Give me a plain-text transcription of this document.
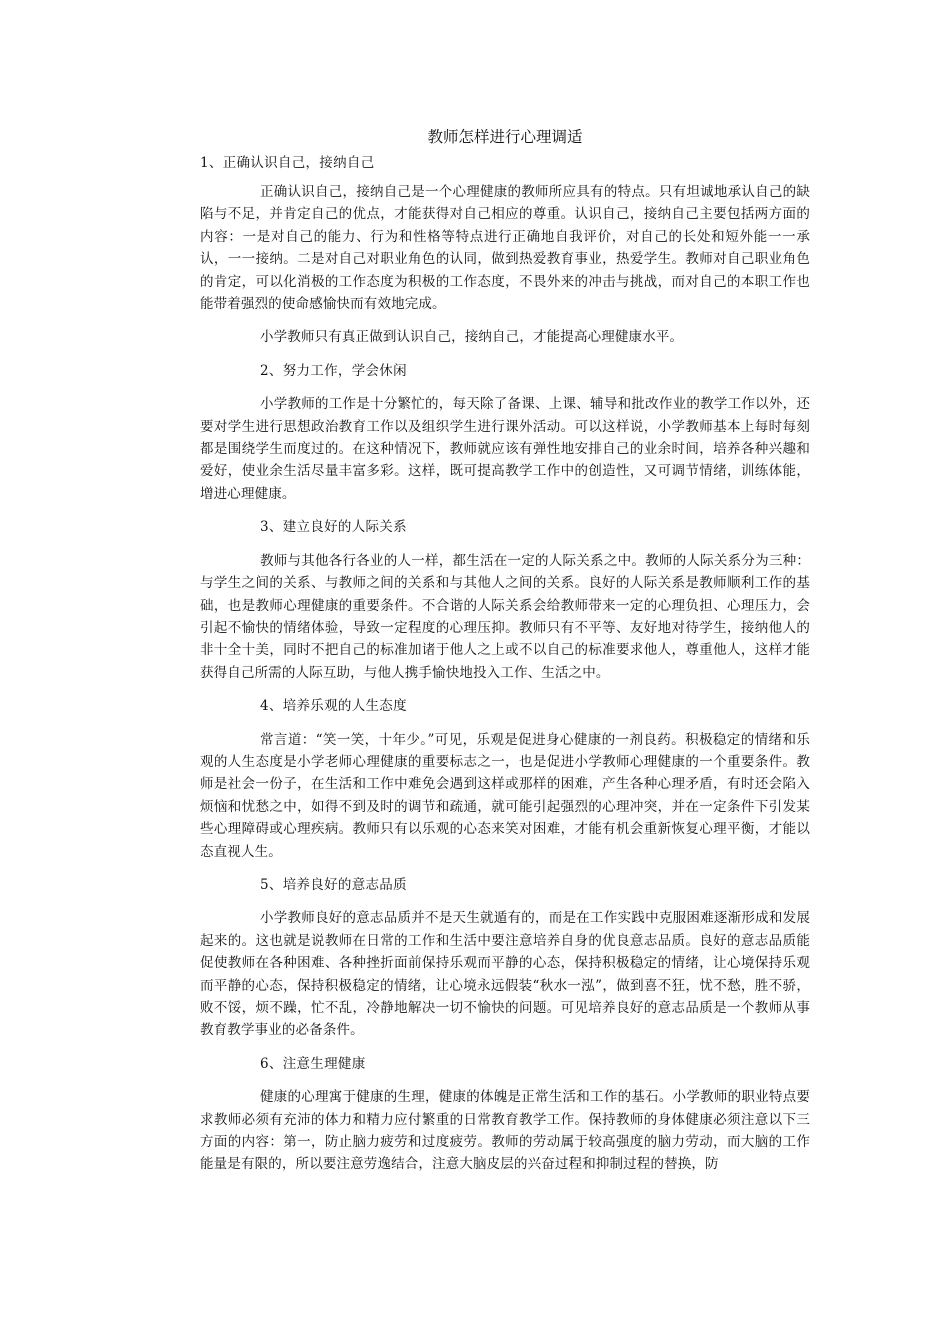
教师怎样进行心理调适
1、正确认识自己，接纳自己

正确认识自己，接纳自己是一个心理健康的教师所应具有的特点。只有坦诚地承认自己的缺陷与不足，并肯定自己的优点，才能获得对自己相应的尊重。认识自己，接纳自己主要包括两方面的内容：一是对自己的能力、行为和性格等特点进行正确地自我评价，对自己的长处和短外能一一承认，一一接纳。二是对自己对职业角色的认同，做到热爱教育事业，热爱学生。教师对自己职业角色的肯定，可以化消极的工作态度为积极的工作态度，不畏外来的冲击与挑战，而对自己的本职工作也能带着强烈的使命感愉快而有效地完成。

小学教师只有真正做到认识自己，接纳自己，才能提高心理健康水平。

2、努力工作，学会休闲

小学教师的工作是十分繁忙的，每天除了备课、上课、辅导和批改作业的教学工作以外，还要对学生进行思想政治教育工作以及组织学生进行课外活动。可以这样说，小学教师基本上每时每刻都是围绕学生而度过的。在这种情况下，教师就应该有弹性地安排自己的业余时间，培养各种兴趣和爱好，使业余生活尽量丰富多彩。这样，既可提高教学工作中的创造性，又可调节情绪，训练体能，增进心理健康。

3、建立良好的人际关系

教师与其他各行各业的人一样，都生活在一定的人际关系之中。教师的人际关系分为三种：与学生之间的关系、与教师之间的关系和与其他人之间的关系。良好的人际关系是教师顺利工作的基础，也是教师心理健康的重要条件。不合谐的人际关系会给教师带来一定的心理负担、心理压力，会引起不愉快的情绪体验，导致一定程度的心理压抑。教师只有不平等、友好地对待学生，接纳他人的非十全十美，同时不把自己的标准加诸于他人之上或不以自己的标准要求他人，尊重他人，这样才能获得自己所需的人际互助，与他人携手愉快地投入工作、生活之中。

4、培养乐观的人生态度

常言道：“笑一笑，十年少。”可见，乐观是促进身心健康的一剂良药。积极稳定的情绪和乐观的人生态度是小学老师心理健康的重要标志之一，也是促进小学教师心理健康的一个重要条件。教师是社会一份子，在生活和工作中难免会遇到这样或那样的困难，产生各种心理矛盾，有时还会陷入烦恼和忧愁之中，如得不到及时的调节和疏通，就可能引起强烈的心理冲突，并在一定条件下引发某些心理障碍或心理疾病。教师只有以乐观的心态来笑对困难，才能有机会重新恢复心理平衡，才能以态直视人生。

5、培养良好的意志品质

小学教师良好的意志品质并不是天生就遁有的，而是在工作实践中克服困难逐渐形成和发展起来的。这也就是说教师在日常的工作和生活中要注意培养自身的优良意志品质。良好的意志品质能促使教师在各种困难、各种挫折面前保持乐观而平静的心态，保持积极稳定的情绪，让心境保持乐观而平静的心态，保持积极稳定的情绪，让心境永远假装“秋水一泓”，做到喜不狂，忧不愁，胜不骄，败不馁，烦不躁，忙不乱，冷静地解决一切不愉快的问题。可见培养良好的意志品质是一个教师从事教育教学事业的必备条件。

6、注意生理健康

健康的心理寓于健康的生理，健康的体魄是正常生活和工作的基石。小学教师的职业特点要求教师必须有充沛的体力和精力应付繁重的日常教育教学工作。保持教师的身体健康必须注意以下三方面的内容：第一，防止脑力疲劳和过度疲劳。教师的劳动属于较高强度的脑力劳动，而大脑的工作能量是有限的，所以要注意劳逸结合，注意大脑皮层的兴奋过程和抑制过程的替换，防
